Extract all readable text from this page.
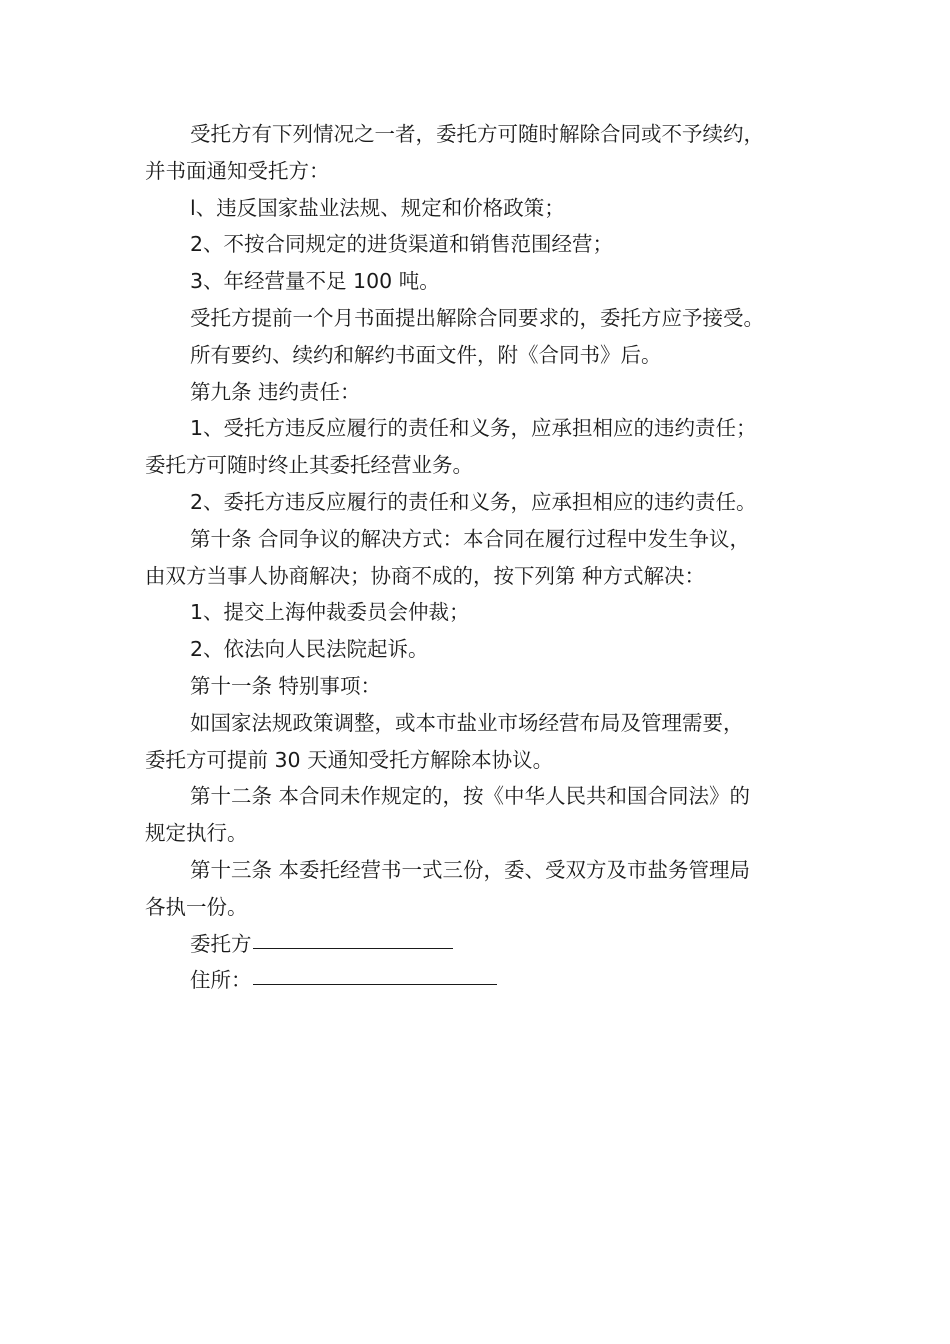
受托方有下列情况之一者，委托方可随时解除合同或不予续约，
并书面通知受托方：
l、违反国家盐业法规、规定和价格政策；
2、不按合同规定的进货渠道和销售范围经营；
3、年经营量不足 100 吨。
受托方提前一个月书面提出解除合同要求的，委托方应予接受。
所有要约、续约和解约书面文件，附《合同书》后。
第九条 违约责任：
1、受托方违反应履行的责任和义务，应承担相应的违约责任；
委托方可随时终止其委托经营业务。
2、委托方违反应履行的责任和义务，应承担相应的违约责任。
第十条 合同争议的解决方式：本合同在履行过程中发生争议，
由双方当事人协商解决；协商不成的，按下列第 种方式解决：
1、提交上海仲裁委员会仲裁；
2、依法向人民法院起诉。
第十一条 特别事项：
如国家法规政策调整，或本市盐业市场经营布局及管理需要，
委托方可提前 30 天通知受托方解除本协议。
第十二条 本合同未作规定的，按《中华人民共和国合同法》的
规定执行。
第十三条 本委托经营书一式三份，委、受双方及市盐务管理局
各执一份。
委托方
住所：
